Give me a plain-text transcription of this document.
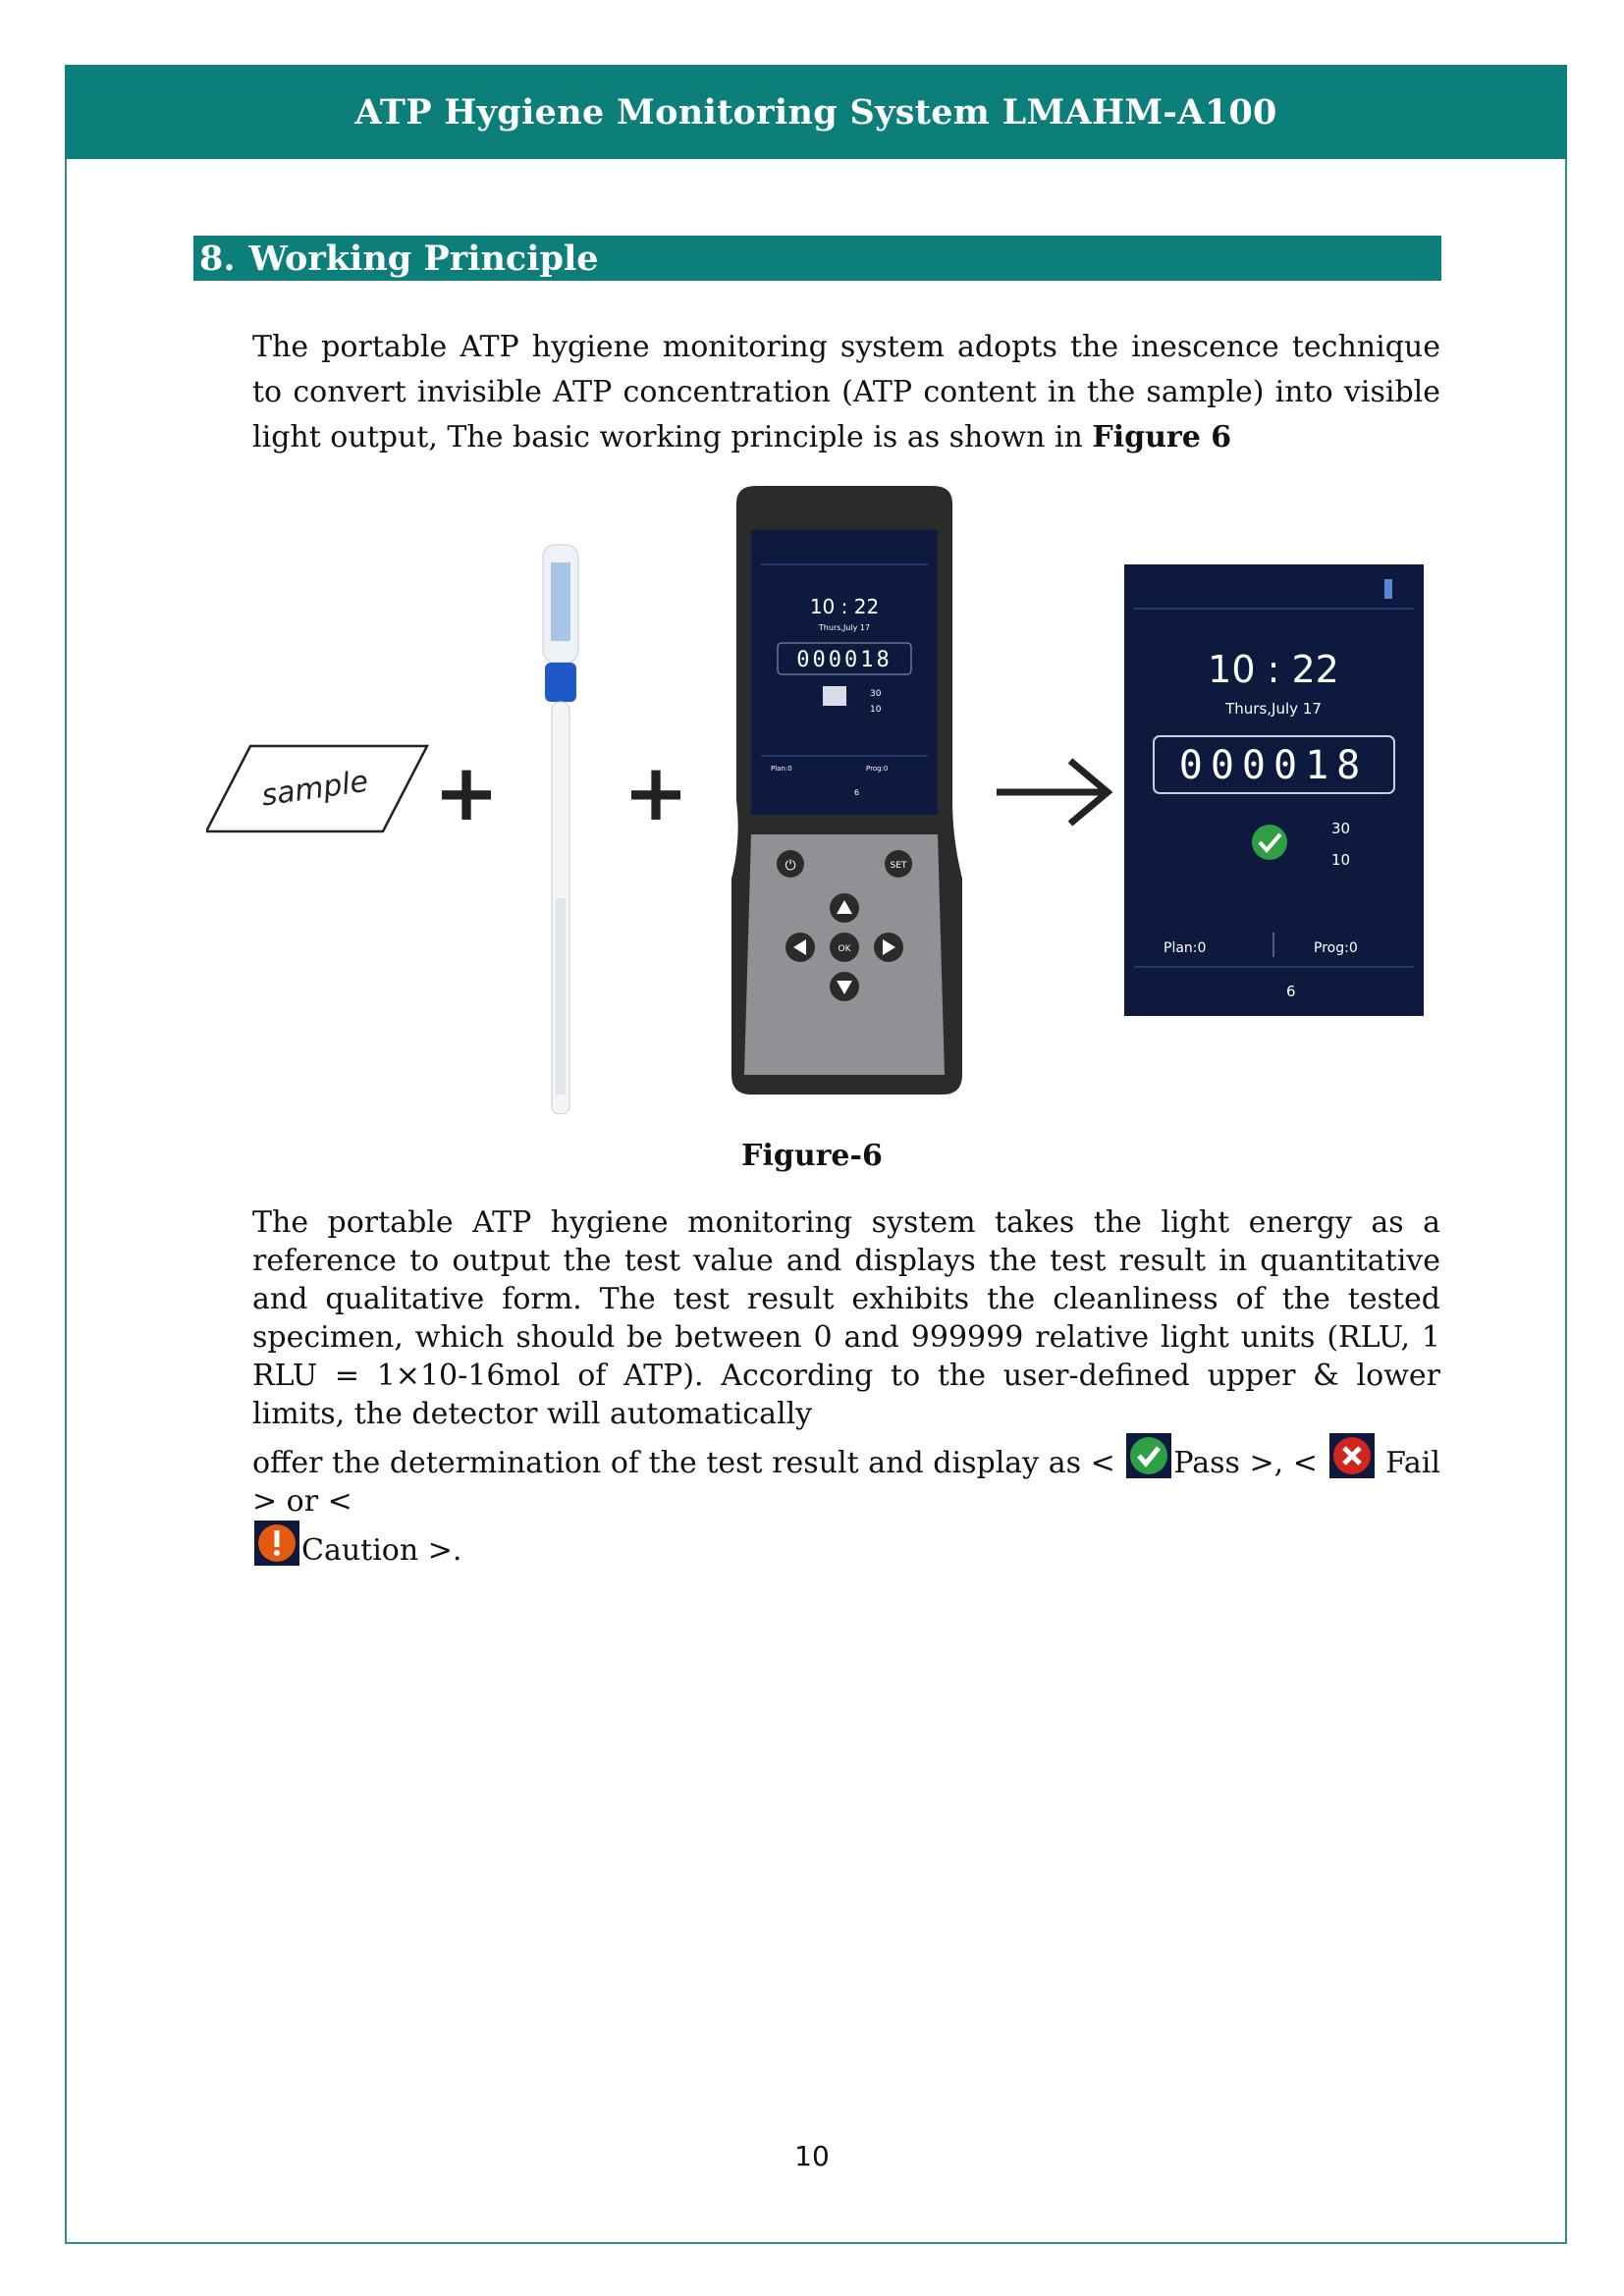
ATP Hygiene Monitoring System LMAHM-A100
8. Working Principle
The portable ATP hygiene monitoring system adopts the inescence technique to convert invisible ATP concentration (ATP content in the sample) into visible light output, The basic working principle is as shown in Figure 6
sample + +
10 : 22
Thurs,July 17
000018
30
10
Plan:0	Prog:0
6
⏻	SET
OK
10 : 22
Thurs,July 17
000018
30
10
Plan:0	Prog:0
6
Figure-6
The portable ATP hygiene monitoring system takes the light energy as a reference to output the test value and displays the test result in quantitative and qualitative form. The test result exhibits the cleanliness of the tested specimen, which should be between 0 and 999999 relative light units (RLU, 1 RLU = 1×10-16mol of ATP). According to the user-defined upper & lower limits, the detector will automatically
offer the determination of the test result and display as < Pass >, <  Fail > or <
Caution >.
10
